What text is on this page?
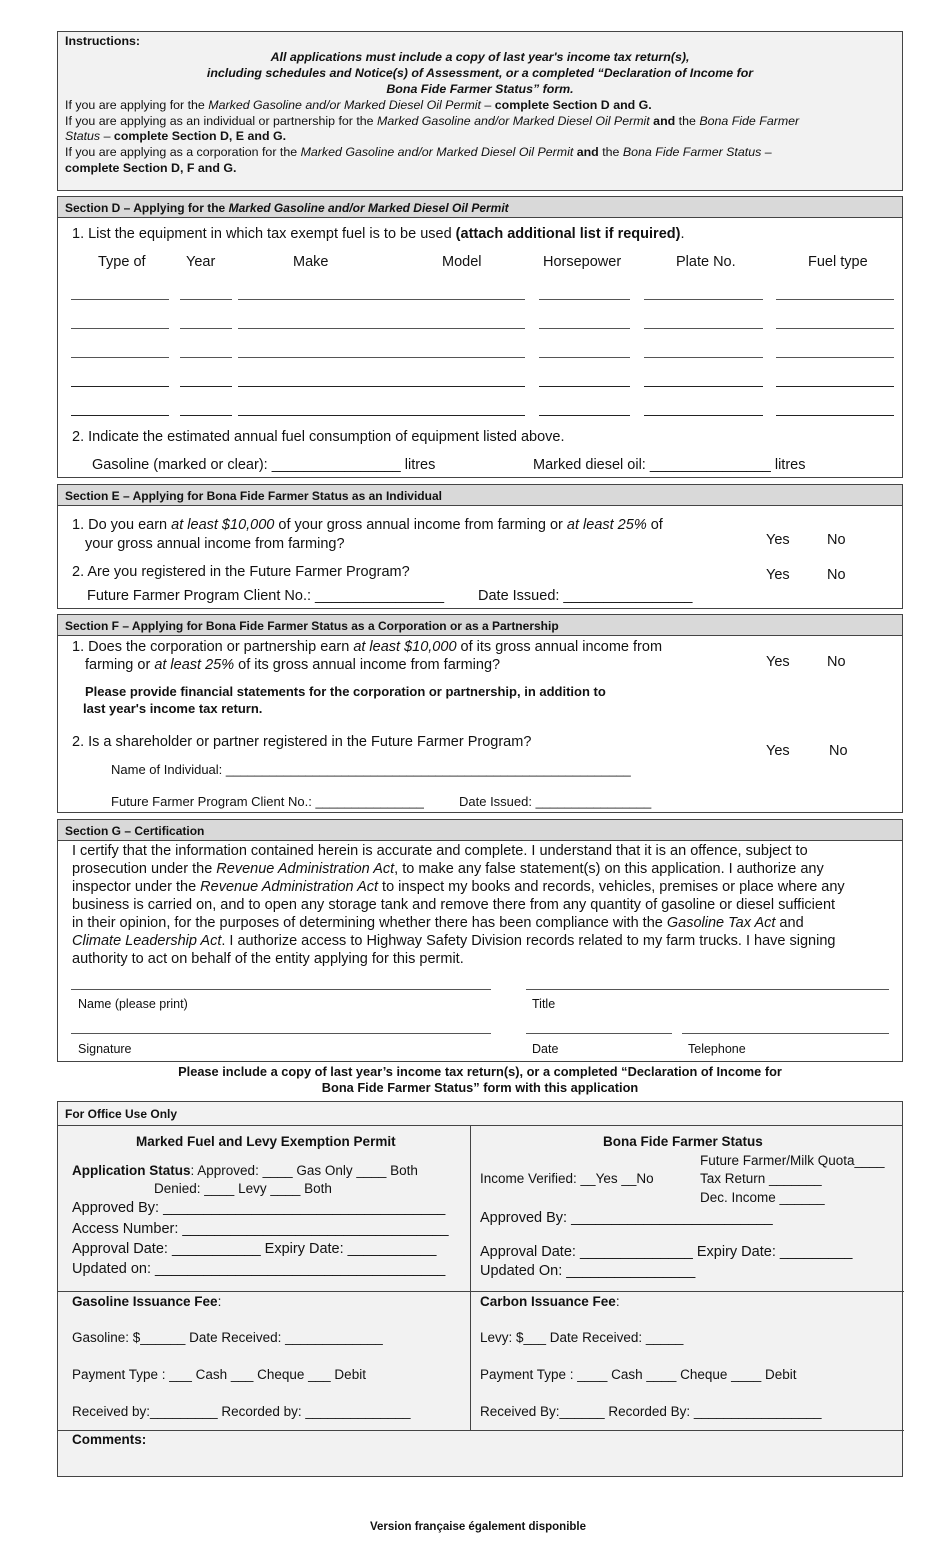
Instructions:
All applications must include a copy of last year's income tax return(s),
including schedules and Notice(s) of Assessment, or a completed “Declaration of Income for
Bona Fide Farmer Status” form.
If you are applying for the Marked Gasoline and/or Marked Diesel Oil Permit – complete Section D and G.
If you are applying as an individual or partnership for the Marked Gasoline and/or Marked Diesel Oil Permit and the Bona Fide Farmer
Status – complete Section D, E and G.
If you are applying as a corporation for the Marked Gasoline and/or Marked Diesel Oil Permit and the Bona Fide Farmer Status –
complete Section D, F and G.
Section D – Applying for the Marked Gasoline and/or Marked Diesel Oil Permit
1. List the equipment in which tax exempt fuel is to be used (attach additional list if required).
Type of	Year	Make	Model	Horsepower	Plate No.	Fuel type
2. Indicate the estimated annual fuel consumption of equipment listed above.
Gasoline (marked or clear): ________________ litres	Marked diesel oil: _______________ litres
Section E – Applying for Bona Fide Farmer Status as an Individual
1. Do you earn at least $10,000 of your gross annual income from farming or at least 25% of
your gross annual income from farming?	Yes	No
2. Are you registered in the Future Farmer Program?	Yes	No
Future Farmer Program Client No.: ________________ Date Issued: ________________
Section F – Applying for Bona Fide Farmer Status as a Corporation or as a Partnership
1. Does the corporation or partnership earn at least $10,000 of its gross annual income from
farming or at least 25% of its gross annual income from farming?	Yes	No
Please provide financial statements for the corporation or partnership, in addition to
last year's income tax return.
2. Is a shareholder or partner registered in the Future Farmer Program?
Yes	No
Name of Individual: ________________________________________________________
Future Farmer Program Client No.: _______________	Date Issued: ________________
Section G – Certification
I certify that the information contained herein is accurate and complete. I understand that it is an offence, subject to
prosecution under the Revenue Administration Act, to make any false statement(s) on this application. I authorize any
inspector under the Revenue Administration Act to inspect my books and records, vehicles, premises or place where any
business is carried on, and to open any storage tank and remove there from any quantity of gasoline or diesel sufficient
in their opinion, for the purposes of determining whether there has been compliance with the Gasoline Tax Act and
Climate Leadership Act. I authorize access to Highway Safety Division records related to my farm trucks. I have signing
authority to act on behalf of the entity applying for this permit.
Name (please print)	Title
Signature	Date	Telephone
Please include a copy of last year’s income tax return(s), or a completed “Declaration of Income for
Bona Fide Farmer Status” form with this application
For Office Use Only
Marked Fuel and Levy Exemption Permit
Application Status: Approved: ____ Gas Only ____ Both
Denied: ____ Levy ____ Both
Approved By: ___________________________________
Access Number: _________________________________
Approval Date: ___________ Expiry Date: ___________
Updated on: ____________________________________
Gasoline Issuance Fee:
Gasoline: $______ Date Received: _____________
Payment Type : ___ Cash ___ Cheque ___ Debit
Received by:_________ Recorded by: ______________
Bona Fide Farmer Status
Future Farmer/Milk Quota____
Income Verified: __Yes __No	Tax Return _______
Dec. Income ______
Approved By: _________________________
Approval Date: ______________ Expiry Date: _________
Updated On: ________________
Carbon Issuance Fee:
Levy: $___ Date Received: _____
Payment Type : ____ Cash ____ Cheque ____ Debit
Received By:______ Recorded By: _________________
Comments:
Version française également disponible
